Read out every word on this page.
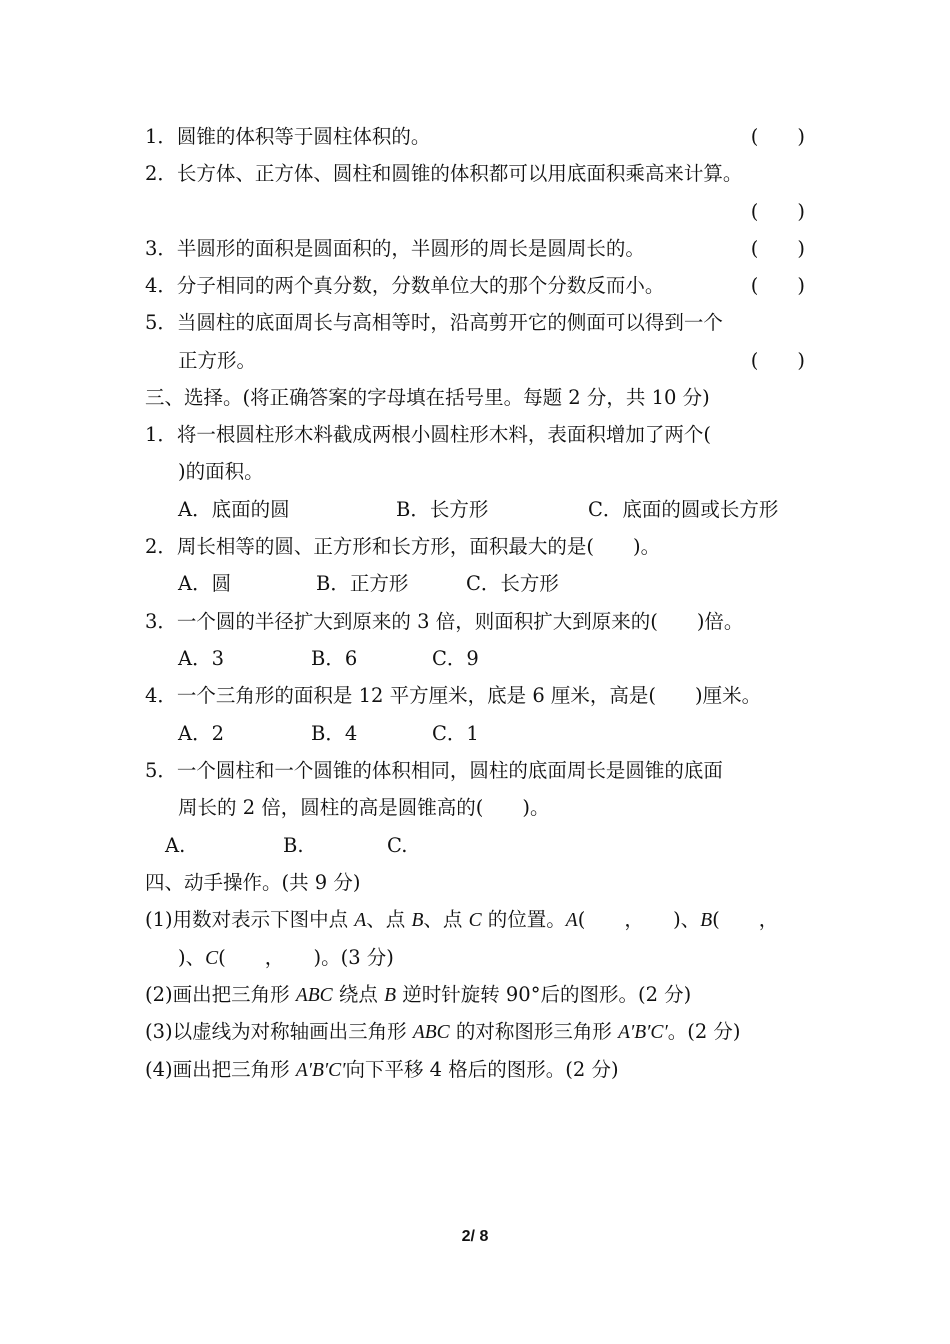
1．圆锥的体积等于圆柱体积的。	(　　)
2．长方体、正方体、圆柱和圆锥的体积都可以用底面积乘高来计算。
(　　)
3．半圆形的面积是圆面积的，半圆形的周长是圆周长的。	(　　)
4．分子相同的两个真分数，分数单位大的那个分数反而小。	(　　)
5．当圆柱的底面周长与高相等时，沿高剪开它的侧面可以得到一个
正方形。	(　　)
三、选择。(将正确答案的字母填在括号里。每题 2 分，共 10 分)
1．将一根圆柱形木料截成两根小圆柱形木料，表面积增加了两个(
)的面积。
A．底面的圆	B．长方形	C．底面的圆或长方形
2．周长相等的圆、正方形和长方形，面积最大的是(　　)。
A．圆	B．正方形	C．长方形
3．一个圆的半径扩大到原来的 3 倍，则面积扩大到原来的(　　)倍。
A．3	B．6	C．9
4．一个三角形的面积是 12 平方厘米，底是 6 厘米，高是(　　)厘米。
A．2	B．4	C．1
5．一个圆柱和一个圆锥的体积相同，圆柱的底面周长是圆锥的底面
周长的 2 倍，圆柱的高是圆锥高的(　　)。
A.	B.	C.
四、动手操作。(共 9 分)
(1)用数对表示下图中点 A、点 B、点 C 的位置。A(　　，　　)、B(　　，
)、C(　　，　　)。(3 分)
(2)画出把三角形 ABC 绕点 B 逆时针旋转 90°后的图形。(2 分)
(3)以虚线为对称轴画出三角形 ABC 的对称图形三角形 A′B′C′。(2 分)
(4)画出把三角形 A′B′C′向下平移 4 格后的图形。(2 分)
2/ 8
